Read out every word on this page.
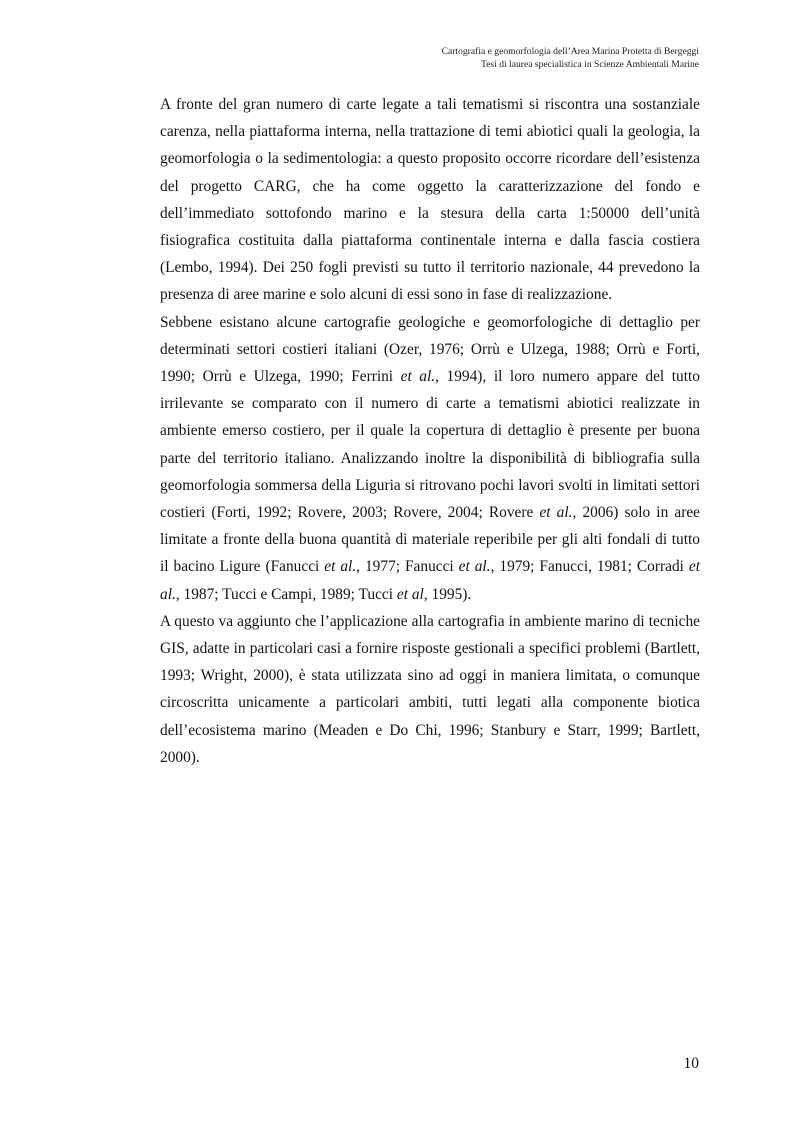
Cartografia e geomorfologia dell’Area Marina Protetta di Bergeggi
Tesi di laurea specialistica in Scienze Ambientali Marine

A fronte del gran numero di carte legate a tali tematismi si riscontra una sostanziale carenza, nella piattaforma interna, nella trattazione di temi abiotici quali la geologia, la geomorfologia o la sedimentologia: a questo proposito occorre ricordare dell’esistenza del progetto CARG, che ha come oggetto la caratterizzazione del fondo e dell’immediato sottofondo marino e la stesura della carta 1:50000 dell’unità fisiografica costituita dalla piattaforma continentale interna e dalla fascia costiera (Lembo, 1994). Dei 250 fogli previsti su tutto il territorio nazionale, 44 prevedono la presenza di aree marine e solo alcuni di essi sono in fase di realizzazione.

Sebbene esistano alcune cartografie geologiche e geomorfologiche di dettaglio per determinati settori costieri italiani (Ozer, 1976; Orrù e Ulzega, 1988; Orrù e Forti, 1990; Orrù e Ulzega, 1990; Ferrini et al., 1994), il loro numero appare del tutto irrilevante se comparato con il numero di carte a tematismi abiotici realizzate in ambiente emerso costiero, per il quale la copertura di dettaglio è presente per buona parte del territorio italiano. Analizzando inoltre la disponibilità di bibliografia sulla geomorfologia sommersa della Liguria si ritrovano pochi lavori svolti in limitati settori costieri (Forti, 1992; Rovere, 2003; Rovere, 2004; Rovere et al., 2006) solo in aree limitate a fronte della buona quantità di materiale reperibile per gli alti fondali di tutto il bacino Ligure (Fanucci et al., 1977; Fanucci et al., 1979; Fanucci, 1981; Corradi et al., 1987; Tucci e Campi, 1989; Tucci et al, 1995).

A questo va aggiunto che l’applicazione alla cartografia in ambiente marino di tecniche GIS, adatte in particolari casi a fornire risposte gestionali a specifici problemi (Bartlett, 1993; Wright, 2000), è stata utilizzata sino ad oggi in maniera limitata, o comunque circoscritta unicamente a particolari ambiti, tutti legati alla componente biotica dell’ecosistema marino (Meaden e Do Chi, 1996; Stanbury e Starr, 1999; Bartlett, 2000).

10
